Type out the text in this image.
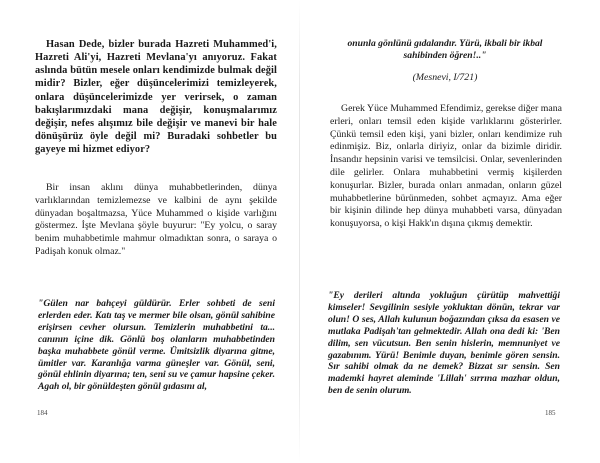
Hasan Dede, bizler burada Hazreti Muhammed'i, Hazreti Ali'yi, Hazreti Mevlana'yı anıyoruz. Fakat aslında bütün mesele onları kendimizde bulmak değil midir? Bizler, eğer düşüncelerimizi temizleyerek, onlara düşüncelerimizde yer verirsek, o zaman bakışlarımızdaki mana değişir, konuşmalarımız değişir, nefes alışımız bile değişir ve manevi bir hale dönüşürüz öyle değil mi? Buradaki sohbetler bu gayeye mi hizmet ediyor?

Bir insan aklını dünya muhabbetlerinden, dünya varlıklarından temizlemezse ve kalbini de aynı şekilde dünyadan boşaltmazsa, Yüce Muhammed o kişide varlığını göstermez. İşte Mevlana şöyle buyurur: "Ey yolcu, o saray benim muhabbetimle mahmur olmadıktan sonra, o saraya o Padişah konuk olmaz."

"Gülen nar bahçeyi güldürür. Erler sohbeti de seni erlerden eder. Katı taş ve mermer bile olsan, gönül sahibine erişirsen cevher olursun. Temizlerin muhabbetini ta... canının içine dik. Gönlü boş olanların muhabbetinden başka muhabbete gönül verme. Ümitsizlik diyarına gitme, ümitler var. Karanlığa varma güneşler var. Gönül, seni, gönül ehlinin diyarına; ten, seni su ve çamur hapsine çeker. Agah ol, bir gönüldeşten gönül gıdasını al,

184

onunla gönlünü gıdalandır. Yürü, ikbali bir ikbal sahibinden öğren!.."

(Mesnevi, I/721)

Gerek Yüce Muhammed Efendimiz, gerekse diğer mana erleri, onları temsil eden kişide varlıklarını gösterirler. Çünkü temsil eden kişi, yani bizler, onları kendimize ruh edinmişiz. Biz, onlarla diriyiz, onlar da bizimle diridir. İnsandır hepsinin varisi ve temsilcisi. Onlar, sevenlerinden dile gelirler. Onlara muhabbetini vermiş kişilerden konuşurlar. Bizler, burada onları anmadan, onların güzel muhabbetlerine bürünmeden, sohbet açmayız. Ama eğer bir kişinin dilinde hep dünya muhabbeti varsa, dünyadan konuşuyorsa, o kişi Hakk'ın dışına çıkmış demektir.

"Ey derileri altında yokluğun çürütüp mahvettiği kimseler! Sevgilinin sesiyle yokluktan dönün, tekrar var olun! O ses, Allah kulunun boğazından çıksa da esasen ve mutlaka Padişah'tan gelmektedir. Allah ona dedi ki: 'Ben dilim, sen vücutsun. Ben senin hislerin, memnuniyet ve gazabınım. Yürü! Benimle duyan, benimle gören sensin. Sır sahibi olmak da ne demek? Bizzat sır sensin. Sen mademki hayret aleminde 'Lillah' sırrına mazhar oldun, ben de senin olurum.

185
